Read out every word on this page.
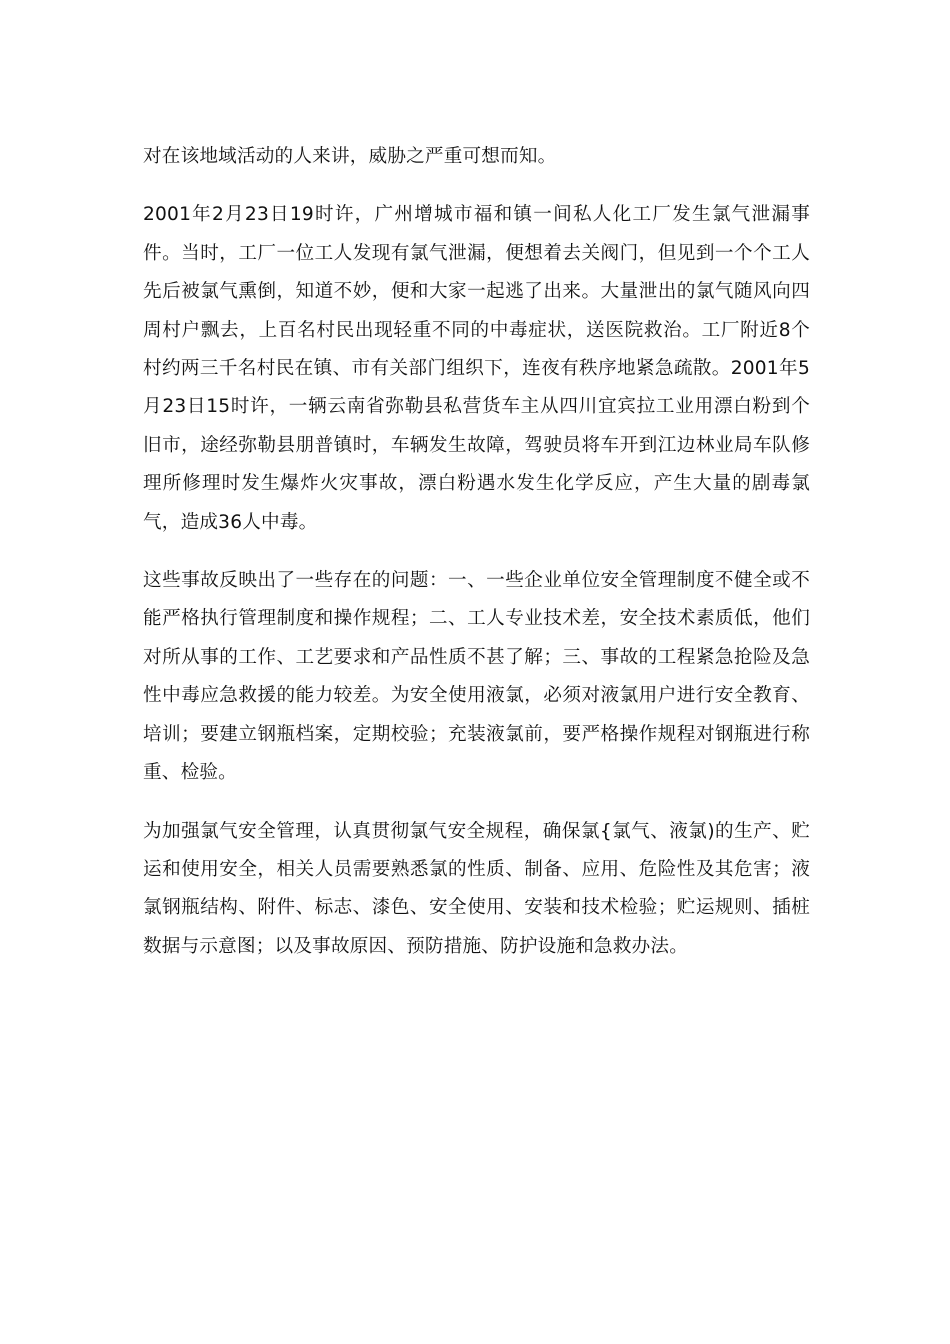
对在该地域活动的人来讲，威胁之严重可想而知。

2001年2月23日19时许，广州增城市福和镇一间私人化工厂发生氯气泄漏事件。当时，工厂一位工人发现有氯气泄漏，便想着去关阀门，但见到一个个工人先后被氯气熏倒，知道不妙，便和大家一起逃了出来。大量泄出的氯气随风向四周村户飘去，上百名村民出现轻重不同的中毒症状，送医院救治。工厂附近8个村约两三千名村民在镇、市有关部门组织下，连夜有秩序地紧急疏散。2001年5月23日15时许，一辆云南省弥勒县私营货车主从四川宜宾拉工业用漂白粉到个旧市，途经弥勒县朋普镇时，车辆发生故障，驾驶员将车开到江边林业局车队修理所修理时发生爆炸火灾事故，漂白粉遇水发生化学反应，产生大量的剧毒氯气，造成36人中毒。

这些事故反映出了一些存在的问题：一、一些企业单位安全管理制度不健全或不能严格执行管理制度和操作规程；二、工人专业技术差，安全技术素质低，他们对所从事的工作、工艺要求和产品性质不甚了解；三、事故的工程紧急抢险及急性中毒应急救援的能力较差。为安全使用液氯，必须对液氯用户进行安全教育、培训；要建立钢瓶档案，定期校验；充装液氯前，要严格操作规程对钢瓶进行称重、检验。

为加强氯气安全管理，认真贯彻氯气安全规程，确保氯{氯气、液氯)的生产、贮运和使用安全，相关人员需要熟悉氯的性质、制备、应用、危险性及其危害；液氯钢瓶结构、附件、标志、漆色、安全使用、安装和技术检验；贮运规则、插桩数据与示意图；以及事故原因、预防措施、防护设施和急救办法。
